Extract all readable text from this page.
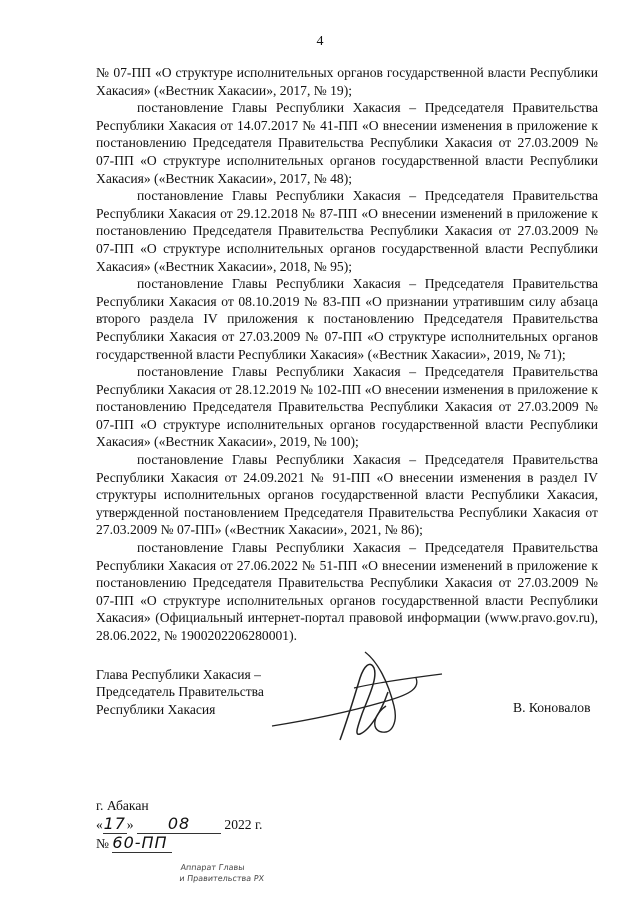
4

№ 07-ПП «О структуре исполнительных органов государственной власти Республики Хакасия» («Вестник Хакасии», 2017, № 19);

постановление Главы Республики Хакасия – Председателя Правительства Республики Хакасия от 14.07.2017 № 41-ПП «О внесении изменения в приложение к постановлению Председателя Правительства Республики Хакасия от 27.03.2009 № 07-ПП «О структуре исполнительных органов государственной власти Республики Хакасия» («Вестник Хакасии», 2017, № 48);

постановление Главы Республики Хакасия – Председателя Правительства Республики Хакасия от 29.12.2018 № 87-ПП «О внесении изменений в приложение к постановлению Председателя Правительства Республики Хакасия от 27.03.2009 № 07-ПП «О структуре исполнительных органов государственной власти Республики Хакасия» («Вестник Хакасии», 2018, № 95);

постановление Главы Республики Хакасия – Председателя Правительства Республики Хакасия от 08.10.2019 № 83-ПП «О признании утратившим силу абзаца второго раздела IV приложения к постановлению Председателя Правительства Республики Хакасия от 27.03.2009 № 07-ПП «О структуре исполнительных органов государственной власти Республики Хакасия» («Вестник Хакасии», 2019, № 71);

постановление Главы Республики Хакасия – Председателя Правительства Республики Хакасия от 28.12.2019 № 102-ПП «О внесении изменения в приложение к постановлению Председателя Правительства Республики Хакасия от 27.03.2009 № 07-ПП «О структуре исполнительных органов государственной власти Республики Хакасия» («Вестник Хакасии», 2019, № 100);

постановление Главы Республики Хакасия – Председателя Правительства Республики Хакасия от 24.09.2021 № 91-ПП «О внесении изменения в раздел IV структуры исполнительных органов государственной власти Республики Хакасия, утвержденной постановлением Председателя Правительства Республики Хакасия от 27.03.2009 № 07-ПП» («Вестник Хакасии», 2021, № 86);

постановление Главы Республики Хакасия – Председателя Правительства Республики Хакасия от 27.06.2022 № 51-ПП «О внесении изменений в приложение к постановлению Председателя Правительства Республики Хакасия от 27.03.2009 № 07-ПП «О структуре исполнительных органов государственной власти Республики Хакасия» (Официальный интернет-портал правовой информации (www.pravo.gov.ru), 28.06.2022, № 1900202206280001).

Глава Республики Хакасия –
Председатель Правительства
Республики Хакасия	В. Коновалов
г. Абакан
«17» 08	2022 г.
№ 60-ПП
Аппарат Главы
и Правительства РХ
